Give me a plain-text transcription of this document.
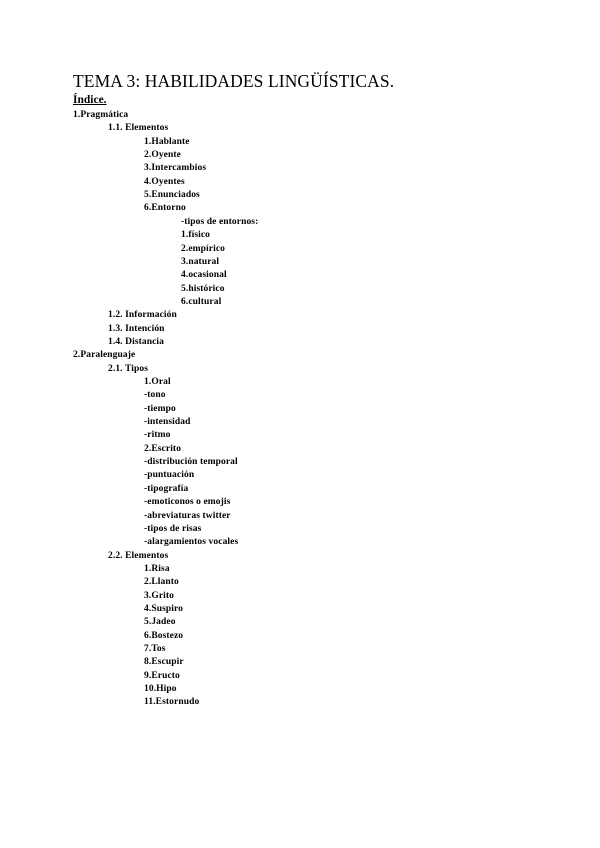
TEMA 3: HABILIDADES LINGÜÍSTICAS.
Índice.
1.Pragmática
1.1. Elementos
1.Hablante
2.Oyente
3.Intercambios
4.Oyentes
5.Enunciados
6.Entorno
-tipos de entornos:
1.físico
2.empírico
3.natural
4.ocasional
5.histórico
6.cultural
1.2. Información
1.3. Intención
1.4. Distancia
2.Paralenguaje
2.1. Tipos
1.Oral
-tono
-tiempo
-intensidad
-ritmo
2.Escrito
-distribución temporal
-puntuación
-tipografía
-emoticonos o emojis
-abreviaturas twitter
-tipos de risas
-alargamientos vocales
2.2. Elementos
1.Risa
2.Llanto
3.Grito
4.Suspiro
5.Jadeo
6.Bostezo
7.Tos
8.Escupir
9.Eructo
10.Hipo
11.Estornudo
